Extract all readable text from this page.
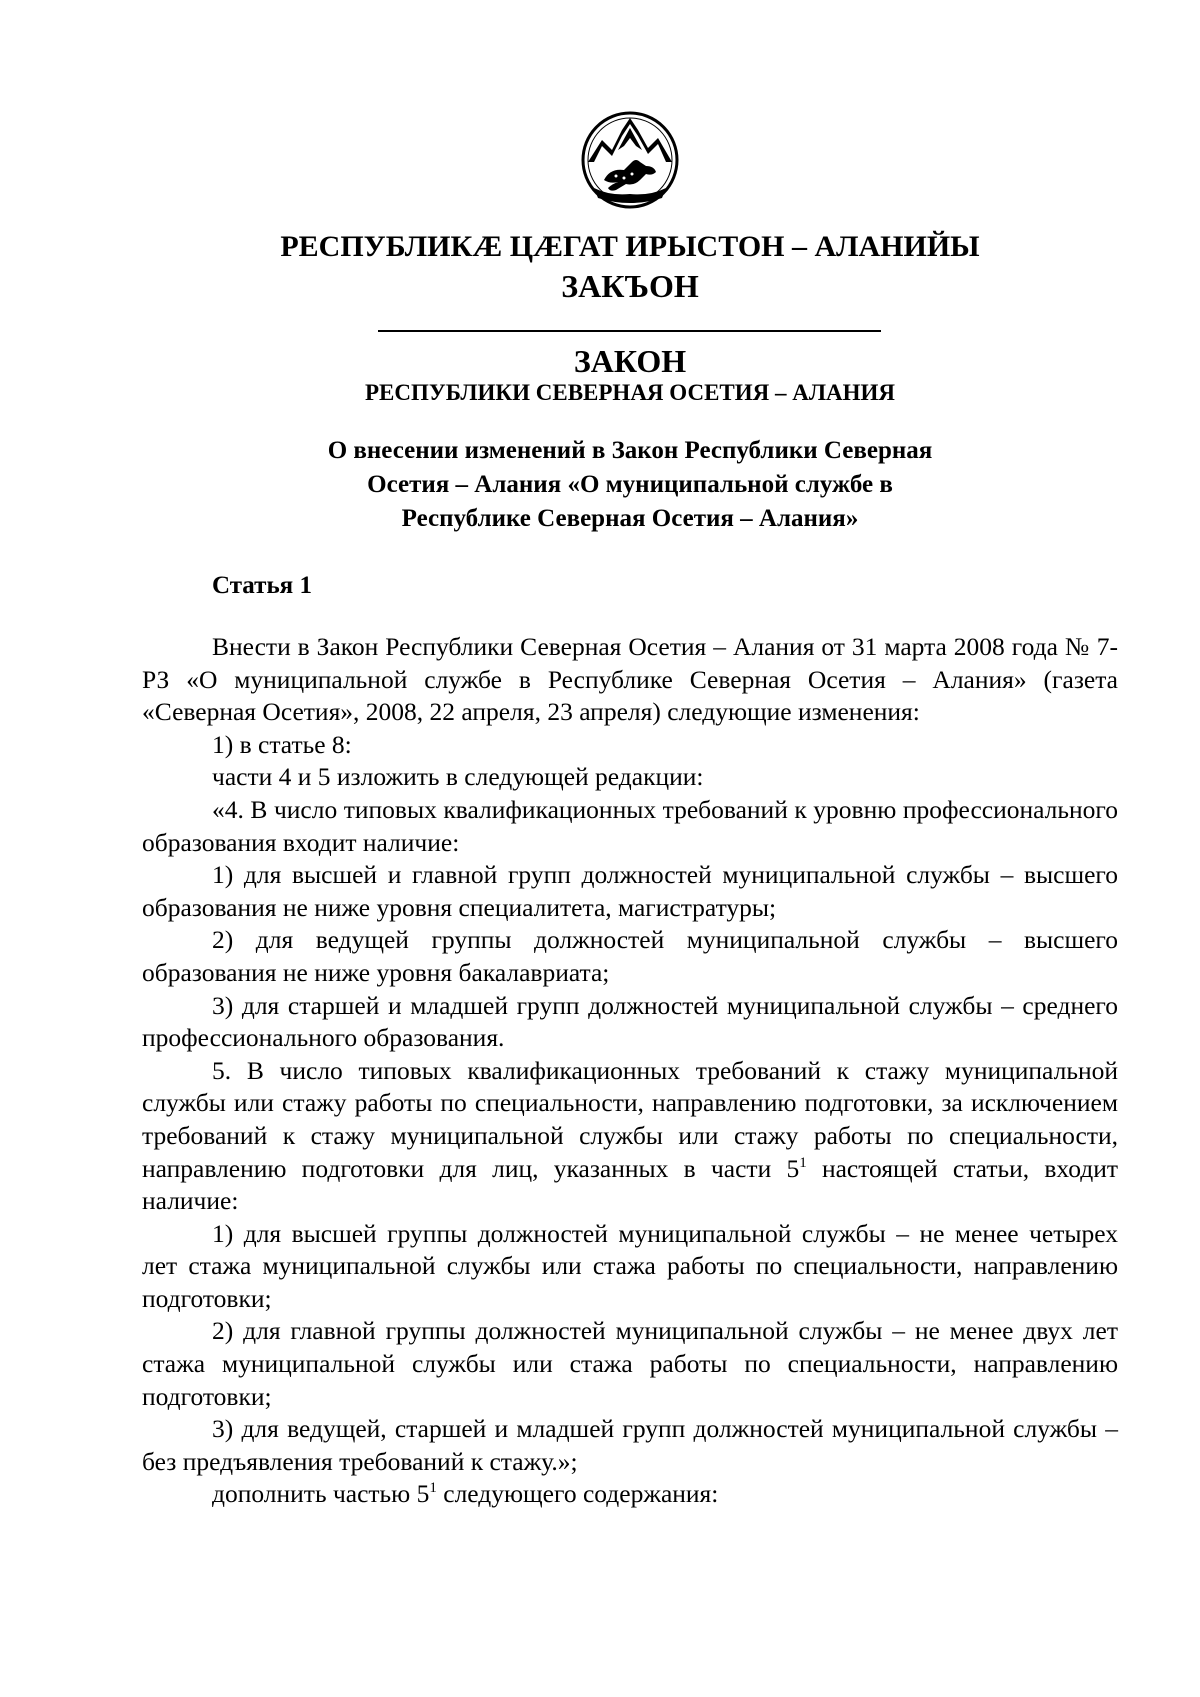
РЕСПУБЛИКÆ ЦÆГАТ ИРЫСТОН – АЛАНИЙЫ
ЗАКЪОН
ЗАКОН
РЕСПУБЛИКИ СЕВЕРНАЯ ОСЕТИЯ – АЛАНИЯ
О внесении изменений в Закон Республики Северная
Осетия – Алания «О муниципальной службе в
Республике Северная Осетия – Алания»
Статья 1

Внести в Закон Республики Северная Осетия – Алания от 31 марта 2008 года № 7-РЗ «О муниципальной службе в Республике Северная Осетия – Алания» (газета «Северная Осетия», 2008, 22 апреля, 23 апреля) следующие изменения:

1) в статье 8:

части 4 и 5 изложить в следующей редакции:

«4. В число типовых квалификационных требований к уровню профессионального образования входит наличие:

1) для высшей и главной групп должностей муниципальной службы – высшего образования не ниже уровня специалитета, магистратуры;

2) для ведущей группы должностей муниципальной службы – высшего образования не ниже уровня бакалавриата;

3) для старшей и младшей групп должностей муниципальной службы – среднего профессионального образования.

5. В число типовых квалификационных требований к стажу муниципальной службы или стажу работы по специальности, направлению подготовки, за исключением требований к стажу муниципальной службы или стажу работы по специальности, направлению подготовки для лиц, указанных в части $5^1$ настоящей статьи, входит наличие:

1) для высшей группы должностей муниципальной службы – не менее четырех лет стажа муниципальной службы или стажа работы по специальности, направлению подготовки;

2) для главной группы должностей муниципальной службы – не менее двух лет стажа муниципальной службы или стажа работы по специальности, направлению подготовки;

3) для ведущей, старшей и младшей групп должностей муниципальной службы – без предъявления требований к стажу.»;

дополнить частью $5^1$ следующего содержания:
